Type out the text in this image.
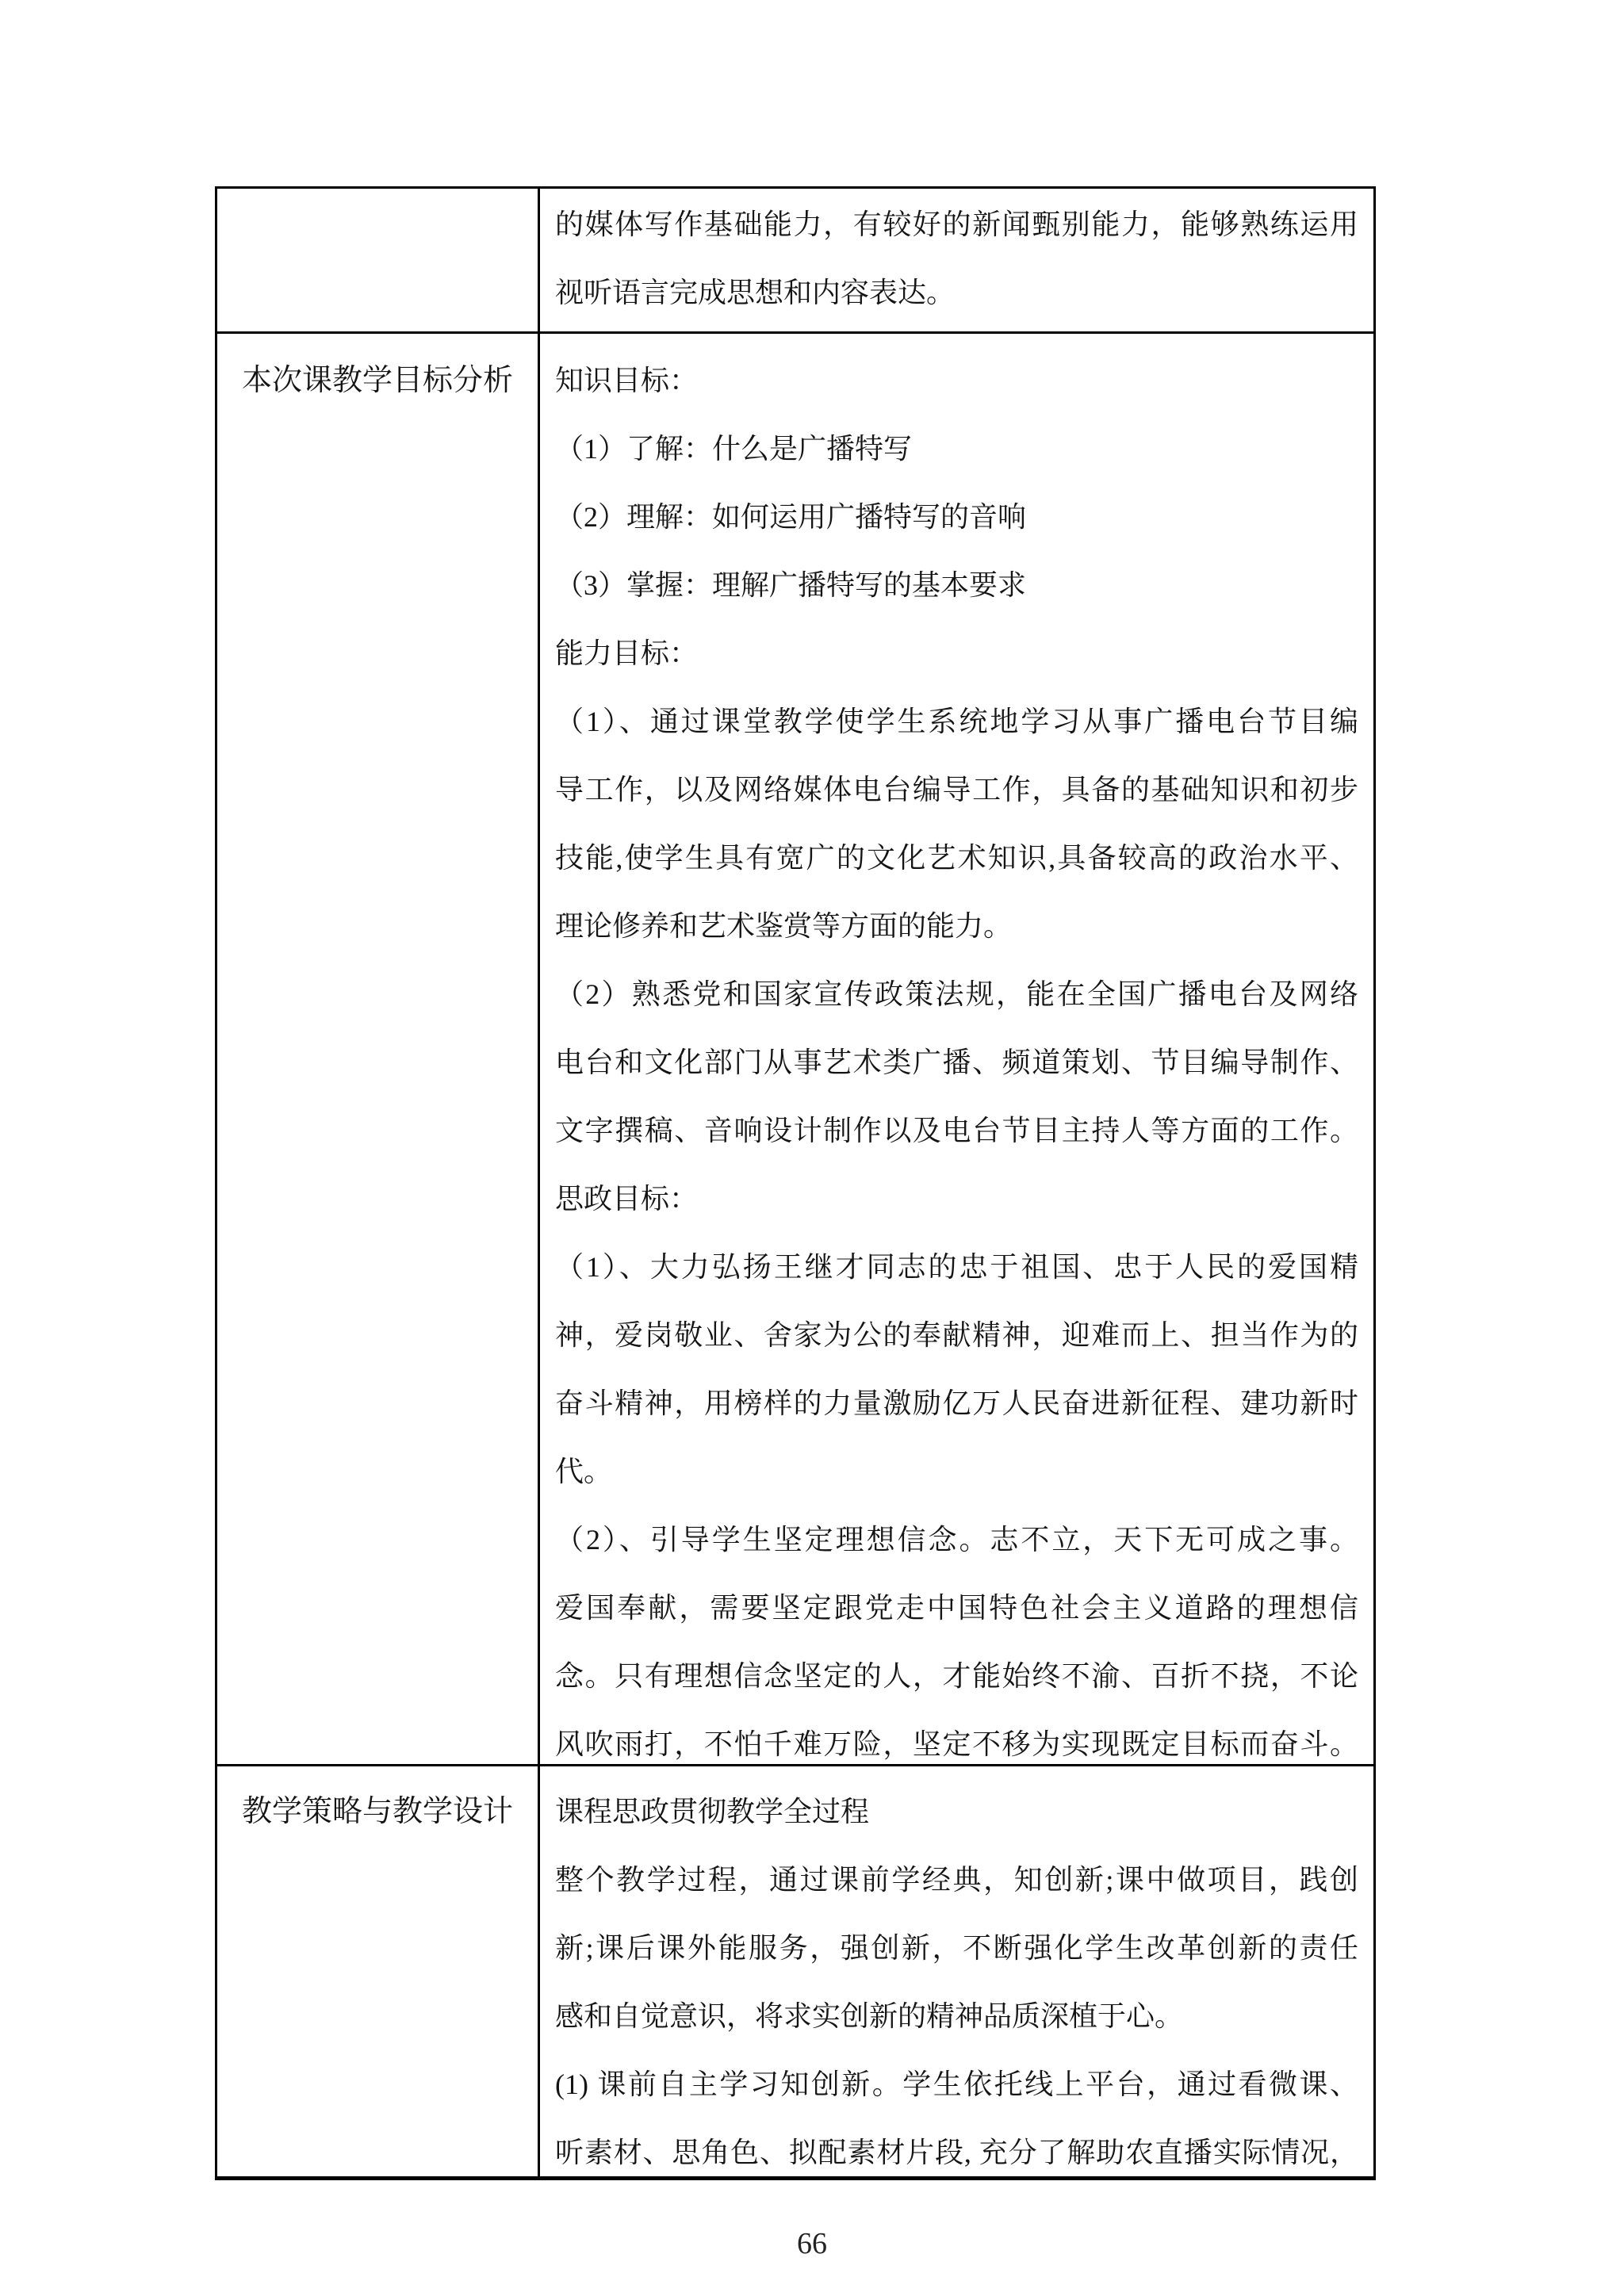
的媒体写作基础能力，有较好的新闻甄别能力，能够熟练运用
视听语言完成思想和内容表达。
本次课教学目标分析	知识目标：
（1）了解：什么是广播特写
（2）理解：如何运用广播特写的音响
（3）掌握：理解广播特写的基本要求
能力目标：
（1）、通过课堂教学使学生系统地学习从事广播电台节目编
导工作，以及网络媒体电台编导工作，具备的基础知识和初步
技能,使学生具有宽广的文化艺术知识,具备较高的政治水平、
理论修养和艺术鉴赏等方面的能力。
（2）熟悉党和国家宣传政策法规，能在全国广播电台及网络
电台和文化部门从事艺术类广播、频道策划、节目编导制作、
文字撰稿、音响设计制作以及电台节目主持人等方面的工作。
思政目标：
（1）、大力弘扬王继才同志的忠于祖国、忠于人民的爱国精
神，爱岗敬业、舍家为公的奉献精神，迎难而上、担当作为的
奋斗精神，用榜样的力量激励亿万人民奋进新征程、建功新时
代。
（2）、引导学生坚定理想信念。志不立，天下无可成之事。
爱国奉献，需要坚定跟党走中国特色社会主义道路的理想信
念。只有理想信念坚定的人，才能始终不渝、百折不挠，不论
风吹雨打，不怕千难万险，坚定不移为实现既定目标而奋斗。
教学策略与教学设计	课程思政贯彻教学全过程
整个教学过程，通过课前学经典，知创新;课中做项目，践创
新;课后课外能服务，强创新，不断强化学生改革创新的责任
感和自觉意识，将求实创新的精神品质深植于心。
(1) 课前自主学习知创新。学生依托线上平台，通过看微课、
听素材、思角色、拟配素材片段, 充分了解助农直播实际情况，
66
